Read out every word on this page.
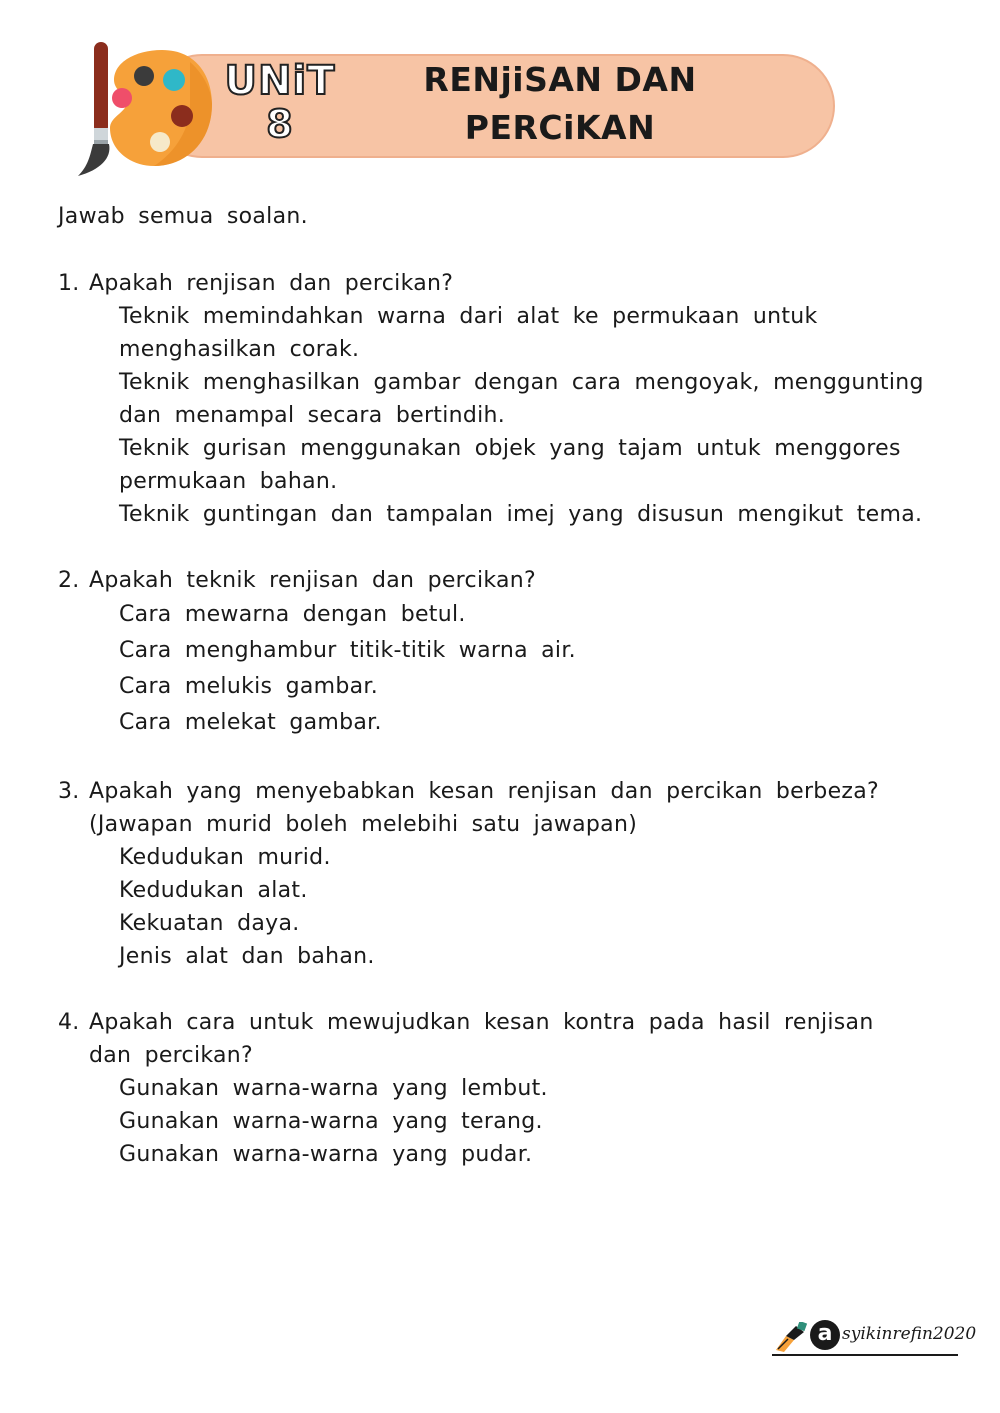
UNiT
8
RENjiSAN DAN
PERCiKAN
Jawab semua soalan.
1. Apakah renjisan dan percikan?
Teknik memindahkan warna dari alat ke permukaan untuk menghasilkan corak.
Teknik menghasilkan gambar dengan cara mengoyak, menggunting dan menampal secara bertindih.
Teknik gurisan menggunakan objek yang tajam untuk menggores permukaan bahan.
Teknik guntingan dan tampalan imej yang disusun mengikut tema.
2. Apakah teknik renjisan dan percikan?
Cara mewarna dengan betul.
Cara menghambur titik-titik warna air.
Cara melukis gambar.
Cara melekat gambar.
3. Apakah yang menyebabkan kesan renjisan dan percikan berbeza?
(Jawapan murid boleh melebihi satu jawapan)
Kedudukan murid.
Kedudukan alat.
Kekuatan daya.
Jenis alat dan bahan.
4. Apakah cara untuk mewujudkan kesan kontra pada hasil renjisan dan percikan?
Gunakan warna-warna yang lembut.
Gunakan warna-warna yang terang.
Gunakan warna-warna yang pudar.
a syikinrefin2020
